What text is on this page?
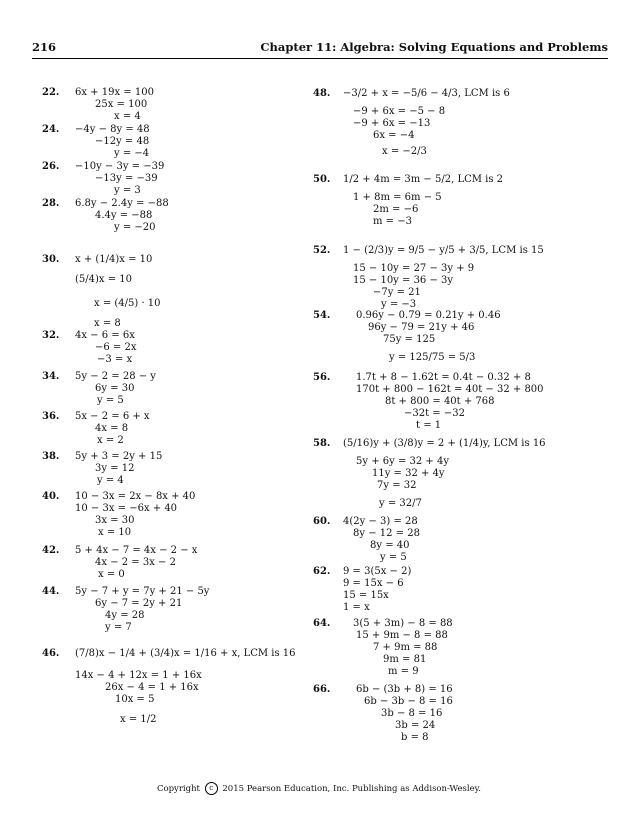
216	Chapter 11: Algebra: Solving Equations and Problems
22. 6x + 19x = 100
25x = 100
x = 4
24. −4y − 8y = 48
−12y = 48
y = −4
26. −10y − 3y = −39
−13y = −39
y = 3
28. 6.8y − 2.4y = −88
4.4y = −88
y = −20
30. x + (1/4)x = 10
(5/4)x = 10
x = (4/5) · 10
x = 8
32. 4x − 6 = 6x
−6 = 2x
−3 = x
34. 5y − 2 = 28 − y
6y = 30
y = 5
36. 5x − 2 = 6 + x
4x = 8
x = 2
38. 5y + 3 = 2y + 15
3y = 12
y = 4
40. 10 − 3x = 2x − 8x + 40
10 − 3x = −6x + 40
3x = 30
x = 10
42. 5 + 4x − 7 = 4x − 2 − x
4x − 2 = 3x − 2
x = 0
44. 5y − 7 + y = 7y + 21 − 5y
6y − 7 = 2y + 21
4y = 28
y = 7
46. (7/8)x − 1/4 + (3/4)x = 1/16 + x, LCM is 16
14x − 4 + 12x = 1 + 16x
26x − 4 = 1 + 16x
10x = 5
x = 1/2
48. −3/2 + x = −5/6 − 4/3, LCM is 6
−9 + 6x = −5 − 8
−9 + 6x = −13
6x = −4
x = −2/3
50. 1/2 + 4m = 3m − 5/2, LCM is 2
1 + 8m = 6m − 5
2m = −6
m = −3
52. 1 − (2/3)y = 9/5 − y/5 + 3/5, LCM is 15
15 − 10y = 27 − 3y + 9
15 − 10y = 36 − 3y
−7y = 21
y = −3
54.	0.96y − 0.79 = 0.21y + 0.46
96y − 79 = 21y + 46
75y = 125
y = 125/75 = 5/3
56.	1.7t + 8 − 1.62t = 0.4t − 0.32 + 8
170t + 800 − 162t = 40t − 32 + 800
8t + 800 = 40t + 768
−32t = −32
t = 1
58. (5/16)y + (3/8)y = 2 + (1/4)y, LCM is 16
5y + 6y = 32 + 4y
11y = 32 + 4y
7y = 32
y = 32/7
60. 4(2y − 3) = 28
8y − 12 = 28
8y = 40
y = 5
62. 9 = 3(5x − 2)
9 = 15x − 6
15 = 15x
1 = x
64. 3(5 + 3m) − 8 = 88
15 + 9m − 8 = 88
7 + 9m = 88
9m = 81
m = 9
66.	6b − (3b + 8) = 16
6b − 3b − 8 = 16
3b − 8 = 16
3b = 24
b = 8
Copyright c 2015 Pearson Education, Inc. Publishing as Addison-Wesley.
